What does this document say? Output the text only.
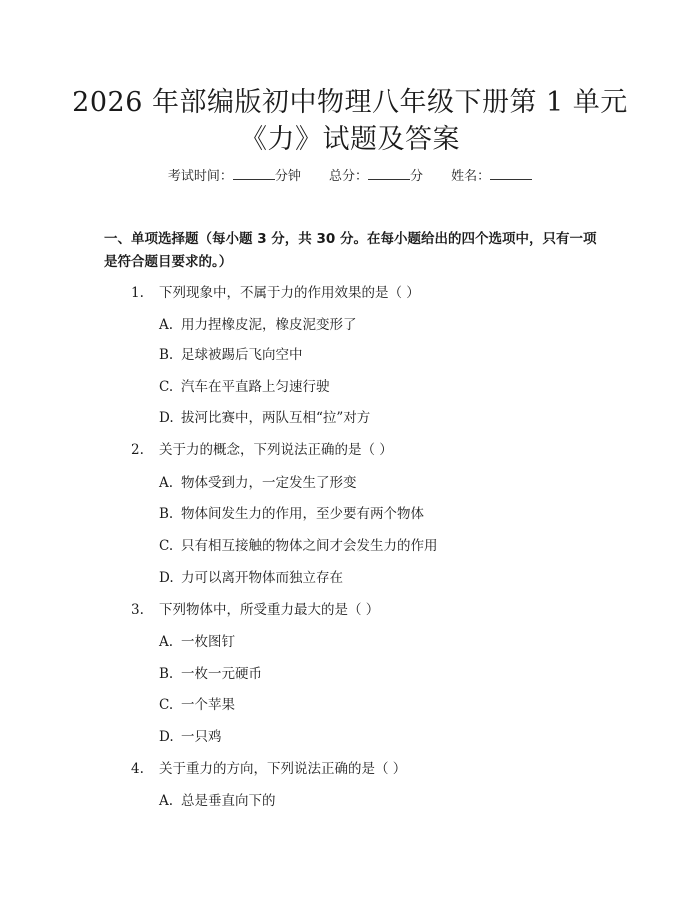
2026 年部编版初中物理八年级下册第 1 单元
《力》试题及答案
考试时间：	分钟 总分：	分 姓名：

一、单项选择题（每小题 3 分，共 30 分。在每小题给出的四个选项中，只有一项是符合题目要求的。）

1. 下列现象中，不属于力的作用效果的是（ ）
A. 用力捏橡皮泥，橡皮泥变形了
B. 足球被踢后飞向空中
C. 汽车在平直路上匀速行驶
D. 拔河比赛中，两队互相“拉”对方
2. 关于力的概念，下列说法正确的是（ ）
A. 物体受到力，一定发生了形变
B. 物体间发生力的作用，至少要有两个物体
C. 只有相互接触的物体之间才会发生力的作用
D. 力可以离开物体而独立存在
3. 下列物体中，所受重力最大的是（ ）
A. 一枚图钉
B. 一枚一元硬币
C. 一个苹果
D. 一只鸡
4. 关于重力的方向，下列说法正确的是（ ）
A. 总是垂直向下的
